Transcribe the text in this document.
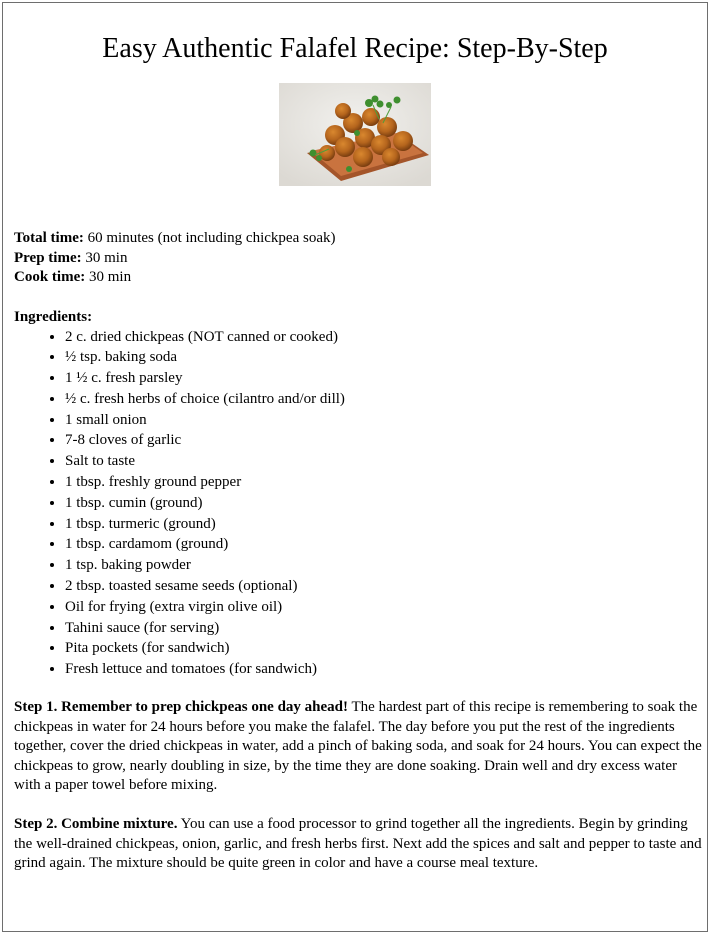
Easy Authentic Falafel Recipe: Step-By-Step

Total time: 60 minutes (not including chickpea soak)

Prep time: 30 min

Cook time: 30 min

Ingredients:

• 2 c. dried chickpeas (NOT canned or cooked)
• ½ tsp. baking soda
• 1 ½ c. fresh parsley
• ½ c. fresh herbs of choice (cilantro and/or dill)
• 1 small onion
• 7-8 cloves of garlic
• Salt to taste
• 1 tbsp. freshly ground pepper
• 1 tbsp. cumin (ground)
• 1 tbsp. turmeric (ground)
• 1 tbsp. cardamom (ground)
• 1 tsp. baking powder
• 2 tbsp. toasted sesame seeds (optional)
• Oil for frying (extra virgin olive oil)
• Tahini sauce (for serving)
• Pita pockets (for sandwich)
• Fresh lettuce and tomatoes (for sandwich)

Step 1. Remember to prep chickpeas one day ahead! The hardest part of this recipe is remembering to soak the chickpeas in water for 24 hours before you make the falafel. The day before you put the rest of the ingredients together, cover the dried chickpeas in water, add a pinch of baking soda, and soak for 24 hours. You can expect the chickpeas to grow, nearly doubling in size, by the time they are done soaking. Drain well and dry excess water with a paper towel before mixing.

Step 2. Combine mixture. You can use a food processor to grind together all the ingredients. Begin by grinding the well-drained chickpeas, onion, garlic, and fresh herbs first. Next add the spices and salt and pepper to taste and grind again. The mixture should be quite green in color and have a course meal texture.
